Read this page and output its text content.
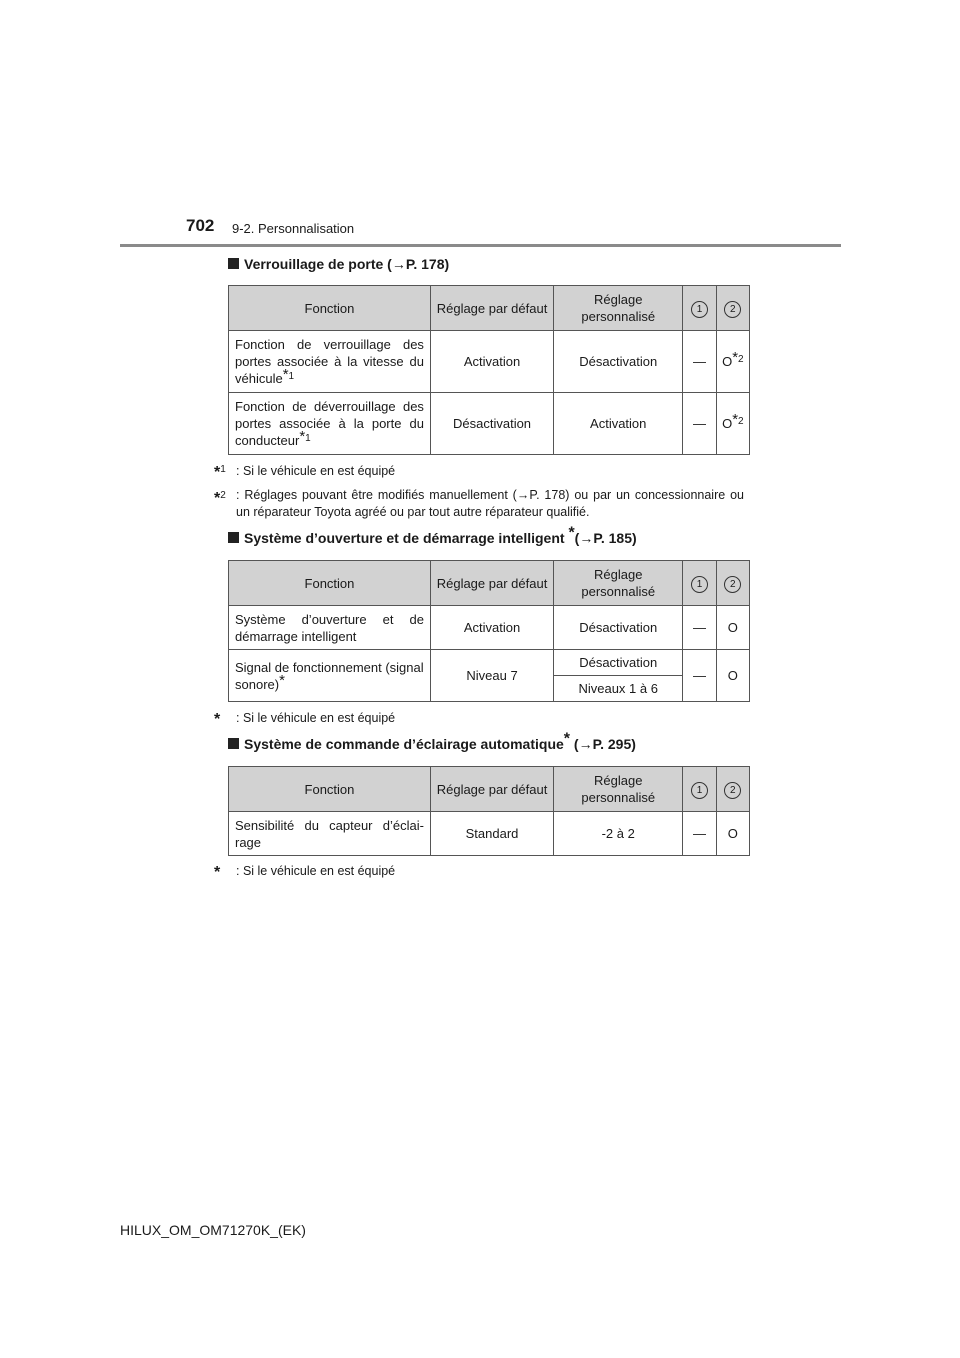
702 9-2. Personnalisation
Verrouillage de porte (→P. 178)
Fonction	Réglage par défaut	Réglage personnalisé	1	2
Fonction de verrouillage des portes associée à la vitesse du véhicule$^{*1}$	Activation	Désactivation	—	$O^{*2}$
Fonction de déverrouillage des portes associée à la porte du conducteur$^{*1}$	Désactivation	Activation	—	$O^{*2}$
*$^1$ : Si le véhicule en est équipé
*$^2$ : Réglages pouvant être modifiés manuellement (→P. 178) ou par un concessionnaire ou un réparateur Toyota agréé ou par tout autre réparateur qualifié.
Système d’ouverture et de démarrage intelligent *(→P. 185)
Fonction	Réglage par défaut	Réglage personnalisé	1	2
Système d’ouverture et de démarrage intelligent	Activation	Désactivation	—	O
Signal de fonctionnement (signal sonore)*	Niveau 7	Désactivation	—	O
		Niveaux 1 à 6		
* : Si le véhicule en est équipé
Système de commande d’éclairage automatique* (→P. 295)
Fonction	Réglage par défaut	Réglage personnalisé	1	2
Sensibilité du capteur d’éclairage	Standard	-2 à 2	—	O
* : Si le véhicule en est équipé
HILUX_OM_OM71270K_(EK)
